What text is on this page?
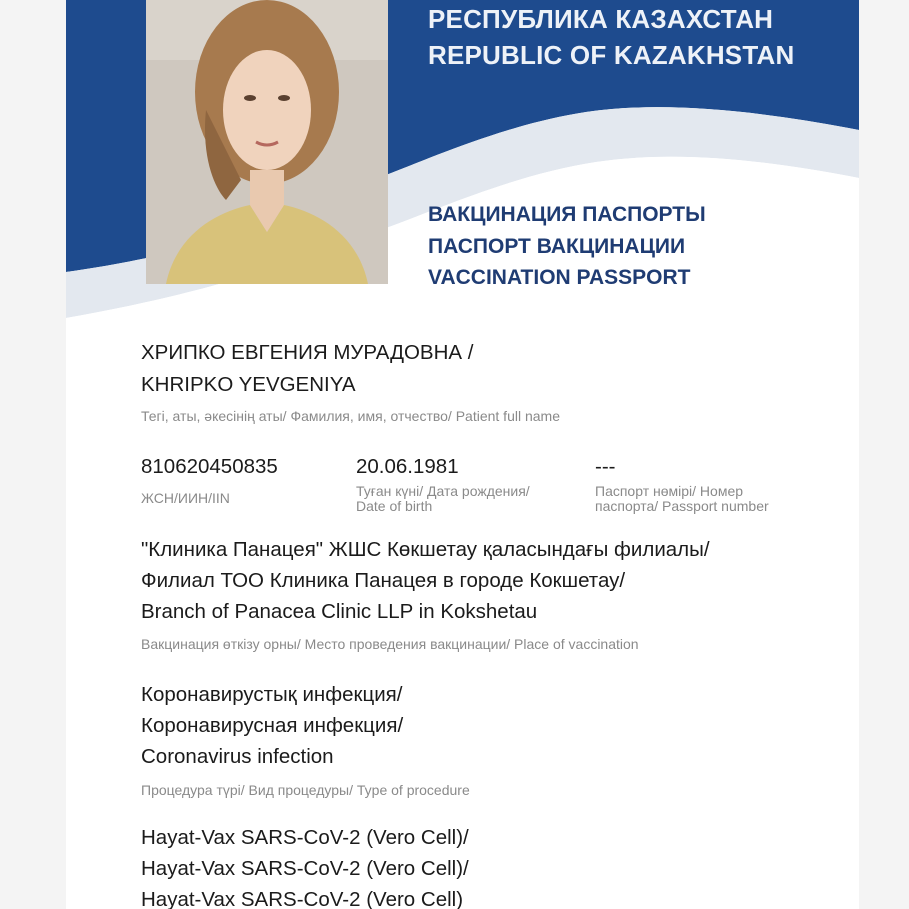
РЕСПУБЛИКА КАЗАХСТАН
REPUBLIC OF KAZAKHSTAN
ВАКЦИНАЦИЯ ПАСПОРТЫ
ПАСПОРТ ВАКЦИНАЦИИ
VACCINATION PASSPORT
ХРИПКО ЕВГЕНИЯ МУРАДОВНА /
KHRIPKO YEVGENIYA
Тегі, аты, әкесінің аты/ Фамилия, имя, отчество/ Patient full name
810620450835
ЖСН/ИИН/IIN
20.06.1981
Туған күні/ Дата рождения/ Date of birth
---
Паспорт нөмірі/ Номер паспорта/ Passport number
"Клиника Панацея" ЖШС Көкшетау қаласындағы филиалы/
Филиал ТОО Клиника Панацея в городе Кокшетау/
Branch of Panacea Clinic LLP in Kokshetau
Вакцинация өткізу орны/ Место проведения вакцинации/ Place of vaccination
Коронавирустық инфекция/
Коронавирусная инфекция/
Coronavirus infection
Процедура түрі/ Вид процедуры/ Type of procedure
Hayat-Vax SARS-CoV-2 (Vero Cell)/
Hayat-Vax SARS-CoV-2 (Vero Cell)/
Hayat-Vax SARS-CoV-2 (Vero Cell)
